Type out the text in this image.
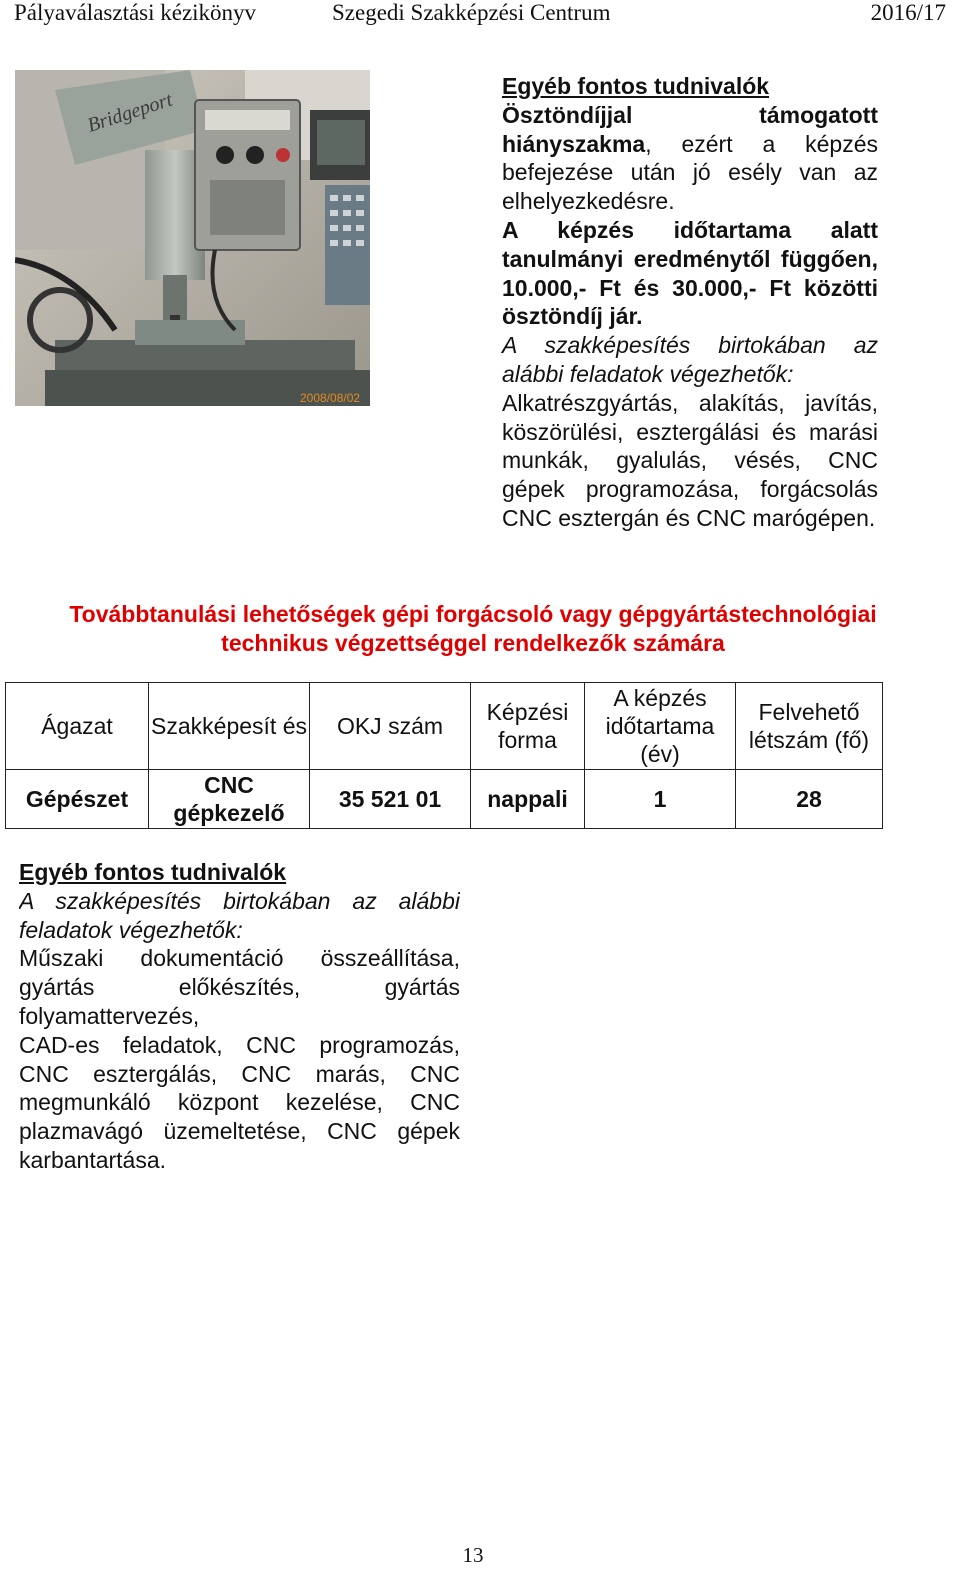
Pályaválasztási kézikönyv	Szegedi Szakképzési Centrum	2016/17
Bridgeport
2008/08/02

Egyéb fontos tudnivalók

Ösztöndíjjal támogatott hiányszakma, ezért a képzés befejezése után jó esély van az elhelyezkedésre.

A képzés időtartama alatt tanulmányi eredménytől függően, 10.000,- Ft és 30.000,- Ft közötti ösztöndíj jár.

A szakképesítés birtokában az alábbi feladatok végezhetők:

Alkatrészgyártás, alakítás, javítás, köszörülési, esztergálási és marási munkák, gyalulás, vésés, CNC gépek programozása, forgácsolás CNC esztergán és CNC marógépen.

Továbbtanulási lehetőségek gépi forgácsoló vagy gépgyártástechnológiai
technikus végzettséggel rendelkezők számára
Ágazat	Szakképesít és	OKJ szám	Képzési forma	A képzés időtartama (év)	Felvehető létszám (fő)
Gépészet	CNC gépkezelő	35 521 01	nappali	1	28

Egyéb fontos tudnivalók

A szakképesítés birtokában az alábbi feladatok végezhetők:

Műszaki dokumentáció összeállítása, gyártás előkészítés, gyártás folyamattervezés,

CAD-es feladatok, CNC programozás, CNC esztergálás, CNC marás, CNC megmunkáló központ kezelése, CNC plazmavágó üzemeltetése, CNC gépek karbantartása.

13
